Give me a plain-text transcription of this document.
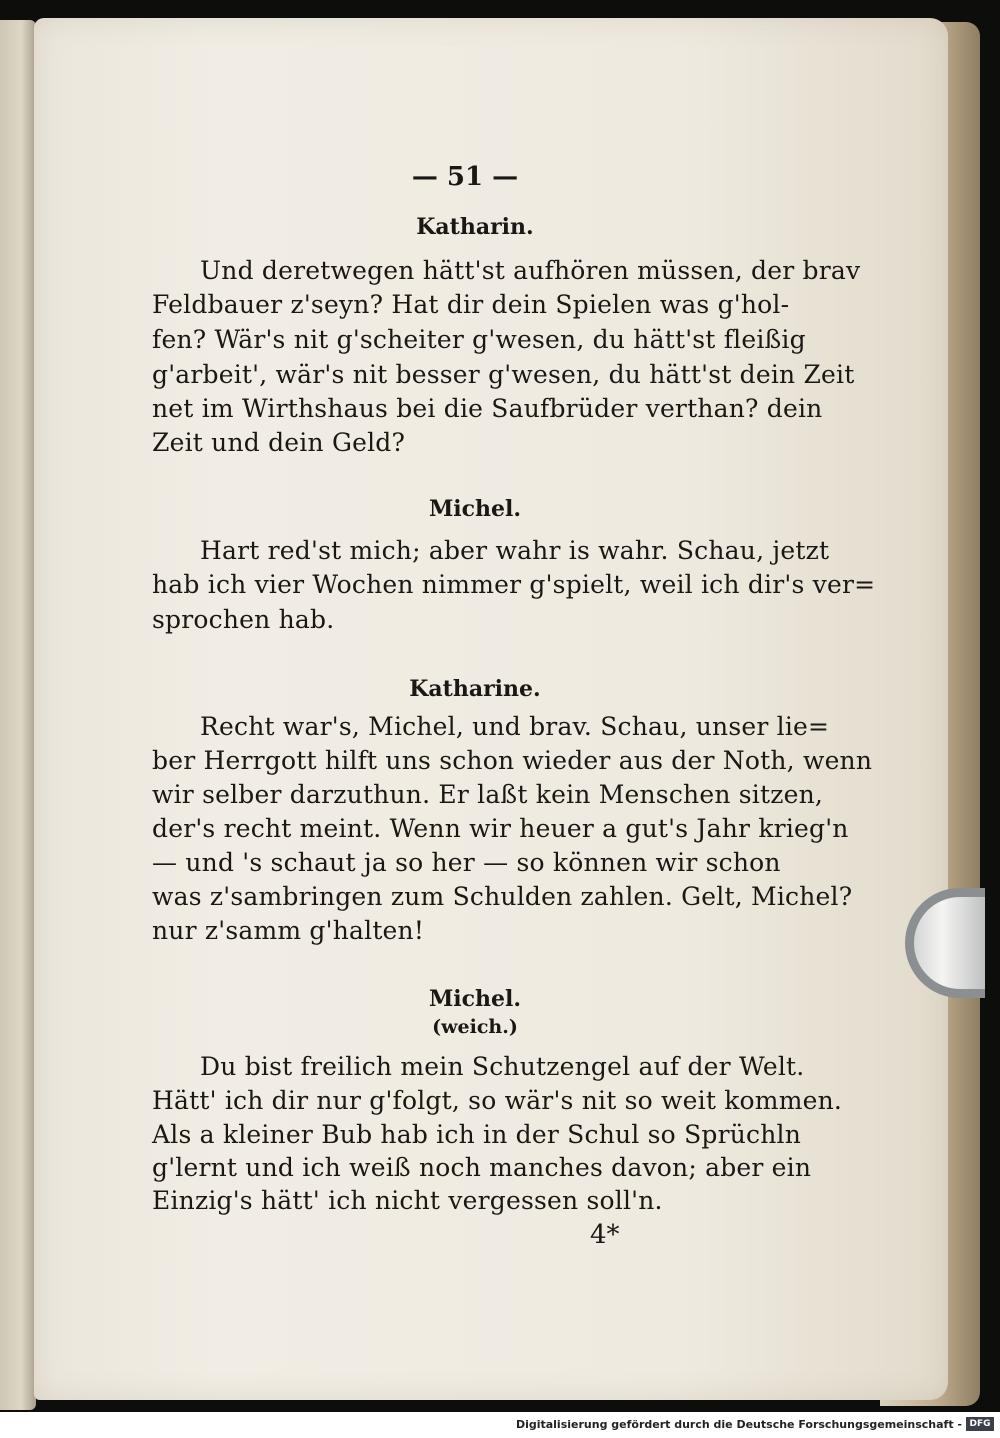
— 51 —
Katharin.
Und deretwegen hätt'st aufhören müssen, der brav
Feldbauer z'seyn? Hat dir dein Spielen was g'hol-
fen? Wär's nit g'scheiter g'wesen, du hätt'st fleißig
g'arbeit', wär's nit besser g'wesen, du hätt'st dein Zeit
net im Wirthshaus bei die Saufbrüder verthan? dein
Zeit und dein Geld?
Michel.
Hart red'st mich; aber wahr is wahr. Schau, jetzt
hab ich vier Wochen nimmer g'spielt, weil ich dir's ver=
sprochen hab.
Katharine.
Recht war's, Michel, und brav. Schau, unser lie=
ber Herrgott hilft uns schon wieder aus der Noth, wenn
wir selber darzuthun. Er laßt kein Menschen sitzen,
der's recht meint. Wenn wir heuer a gut's Jahr krieg'n
— und 's schaut ja so her — so können wir schon
was z'sambringen zum Schulden zahlen. Gelt, Michel?
nur z'samm g'halten!
Michel.
(weich.)
Du bist freilich mein Schutzengel auf der Welt.
Hätt' ich dir nur g'folgt, so wär's nit so weit kommen.
Als a kleiner Bub hab ich in der Schul so Sprüchln
g'lernt und ich weiß noch manches davon; aber ein
Einzig's hätt' ich nicht vergessen soll'n.
4*
Digitalisierung gefördert durch die Deutsche Forschungsgemeinschaft - DFG
